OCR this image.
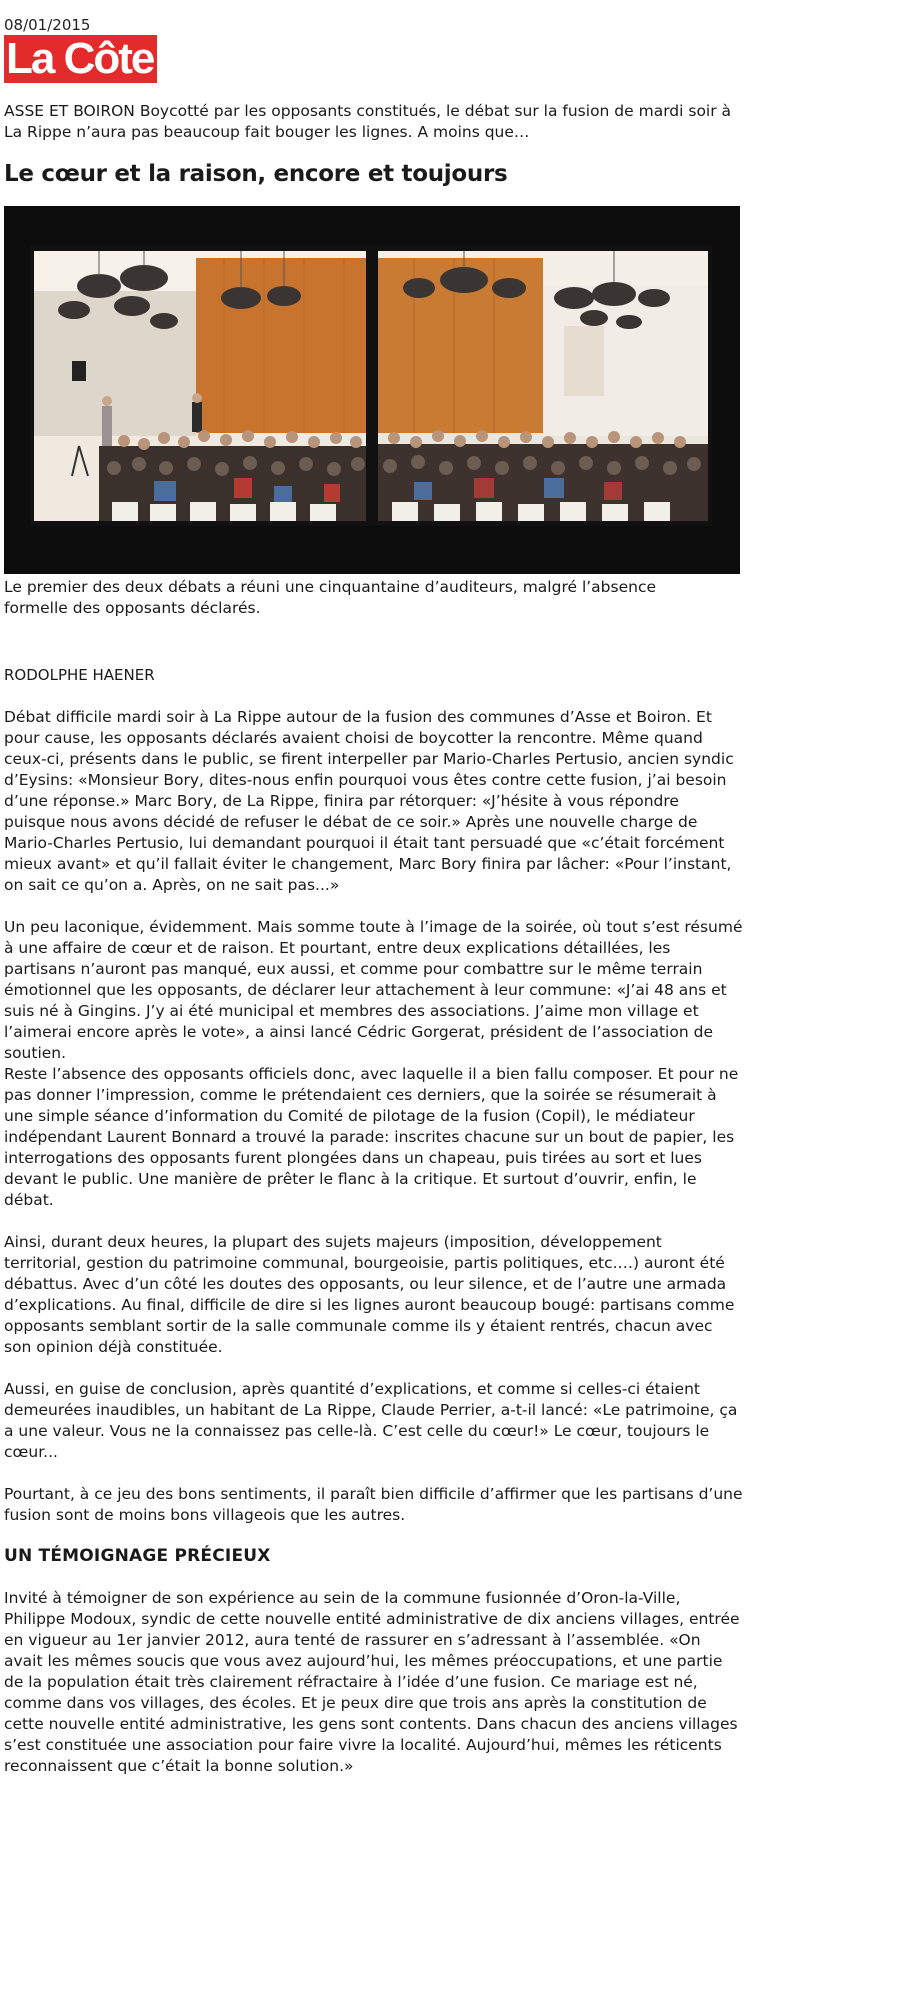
08/01/2015

La Côte

ASSE ET BOIRON Boycotté par les opposants constitués, le débat sur la fusion de mardi soir à La Rippe n’aura pas beaucoup fait bouger les lignes. A moins que…

Le cœur et la raison, encore et toujours

Le premier des deux débats a réuni une cinquantaine d’auditeurs, malgré l’absence formelle des opposants déclarés.

RODOLPHE HAENER

Débat difficile mardi soir à La Rippe autour de la fusion des communes d’Asse et Boiron. Et pour cause, les opposants déclarés avaient choisi de boycotter la rencontre. Même quand ceux-ci, présents dans le public, se firent interpeller par Mario-Charles Pertusio, ancien syndic d’Eysins: «Monsieur Bory, dites-nous enfin pourquoi vous êtes contre cette fusion, j’ai besoin d’une réponse.» Marc Bory, de La Rippe, finira par rétorquer: «J’hésite à vous répondre puisque nous avons décidé de refuser le débat de ce soir.» Après une nouvelle charge de Mario-Charles Pertusio, lui demandant pourquoi il était tant persuadé que «c’était forcément mieux avant» et qu’il fallait éviter le changement, Marc Bory finira par lâcher: «Pour l’instant, on sait ce qu’on a. Après, on ne sait pas...»

Un peu laconique, évidemment. Mais somme toute à l’image de la soirée, où tout s’est résumé à une affaire de cœur et de raison. Et pourtant, entre deux explications détaillées, les partisans n’auront pas manqué, eux aussi, et comme pour combattre sur le même terrain émotionnel que les opposants, de déclarer leur attachement à leur commune: «J’ai 48 ans et suis né à Gingins. J’y ai été municipal et membres des associations. J’aime mon village et l’aimerai encore après le vote», a ainsi lancé Cédric Gorgerat, président de l’association de soutien.

Reste l’absence des opposants officiels donc, avec laquelle il a bien fallu composer. Et pour ne pas donner l’impression, comme le prétendaient ces derniers, que la soirée se résumerait à une simple séance d’information du Comité de pilotage de la fusion (Copil), le médiateur indépendant Laurent Bonnard a trouvé la parade: inscrites chacune sur un bout de papier, les interrogations des opposants furent plongées dans un chapeau, puis tirées au sort et lues devant le public. Une manière de prêter le flanc à la critique. Et surtout d’ouvrir, enfin, le débat.

Ainsi, durant deux heures, la plupart des sujets majeurs (imposition, développement territorial, gestion du patrimoine communal, bourgeoisie, partis politiques, etc.…) auront été débattus. Avec d’un côté les doutes des opposants, ou leur silence, et de l’autre une armada d’explications. Au final, difficile de dire si les lignes auront beaucoup bougé: partisans comme opposants semblant sortir de la salle communale comme ils y étaient rentrés, chacun avec son opinion déjà constituée.

Aussi, en guise de conclusion, après quantité d’explications, et comme si celles-ci étaient demeurées inaudibles, un habitant de La Rippe, Claude Perrier, a-t-il lancé: «Le patrimoine, ça a une valeur. Vous ne la connaissez pas celle-là. C’est celle du cœur!» Le cœur, toujours le cœur...

Pourtant, à ce jeu des bons sentiments, il paraît bien difficile d’affirmer que les partisans d’une fusion sont de moins bons villageois que les autres.

UN TÉMOIGNAGE PRÉCIEUX

Invité à témoigner de son expérience au sein de la commune fusionnée d’Oron-la-Ville, Philippe Modoux, syndic de cette nouvelle entité administrative de dix anciens villages, entrée en vigueur au 1er janvier 2012, aura tenté de rassurer en s’adressant à l’assemblée. «On avait les mêmes soucis que vous avez aujourd’hui, les mêmes préoccupations, et une partie de la population était très clairement réfractaire à l’idée d’une fusion. Ce mariage est né, comme dans vos villages, des écoles. Et je peux dire que trois ans après la constitution de cette nouvelle entité administrative, les gens sont contents. Dans chacun des anciens villages s’est constituée une association pour faire vivre la localité. Aujourd’hui, mêmes les réticents reconnaissent que c’était la bonne solution.»
